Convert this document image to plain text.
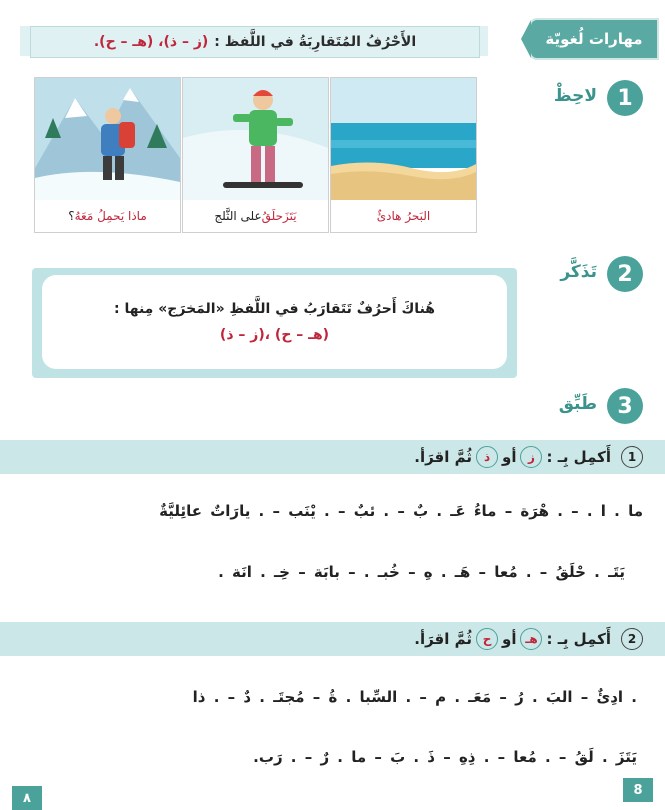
مهارات لُغويّة
الأَحْرُفُ المُتَقارِبَةُ في اللَّفظ :
(ز – ذ)، (هـ – ح).
1
لاحِظْ
البَحرُ هادئٌ
يَتَزَحلَقُ
على الثَّلج
ماذا يَحمِلُ مَعَهُ
؟
2
تَذَكَّر
هُناكَ أَحرُفٌ تَتَقارَبُ في اللَّفظِ «المَخرَج» مِنها :
(ز – ذ)، (هـ – ح)
3
طَبِّق
1
أَكمِل بِـ :
ز
أو
ذ
ثُمَّ اقرَأ.
ما . ا . – . هْرَة – ماءُ عَـ . بٌ – . ئبٌ – . يْنَب – . يارَاتٌ عائِليَّةٌ
يَتَـ . حْلَقُ – . مُعا – هَـ . هِ – خُبـ . – بابَة – خِـ . انَة .
2
أَكمِل بِـ :
هـ
أو
ح
ثُمَّ اقرَأ.
. ادِئٌ – البَ . رُ – مَعَـ . م – . السِّبا . ةُ – مُجتَـ . دٌ – . ذا
يَتَزَ . لَقُ – . مُعا – . ذِهِ – ذَ . بَ – ما . رٌ – . رَب.
٨
8
